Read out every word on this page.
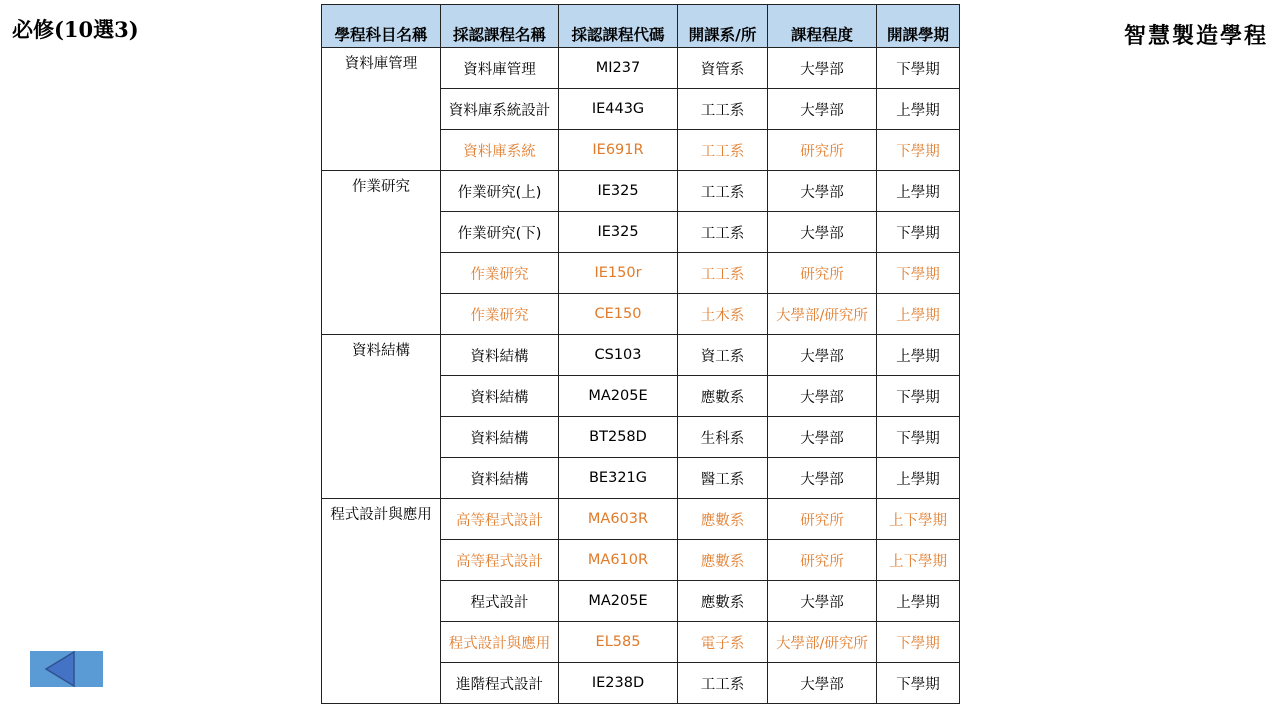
必修(10選3)	智慧製造學程
學程科目名稱	採認課程名稱	採認課程代碼	開課系/所	課程程度	開課學期
資料庫管理	資料庫管理	MI237	資管系	大學部	下學期
	資料庫系統設計	IE443G	工工系	大學部	上學期
	資料庫系統	IE691R	工工系	研究所	下學期
作業研究	作業研究(上)	IE325	工工系	大學部	上學期
	作業研究(下)	IE325	工工系	大學部	下學期
	作業研究	IE150r	工工系	研究所	下學期
	作業研究	CE150	土木系	大學部/研究所	上學期
資料結構	資料結構	CS103	資工系	大學部	上學期
	資料結構	MA205E	應數系	大學部	下學期
	資料結構	BT258D	生科系	大學部	下學期
	資料結構	BE321G	醫工系	大學部	上學期
程式設計與應用	高等程式設計	MA603R	應數系	研究所	上下學期
	高等程式設計	MA610R	應數系	研究所	上下學期
	程式設計	MA205E	應數系	大學部	上學期
	程式設計與應用	EL585	電子系	大學部/研究所	下學期
	進階程式設計	IE238D	工工系	大學部	下學期
